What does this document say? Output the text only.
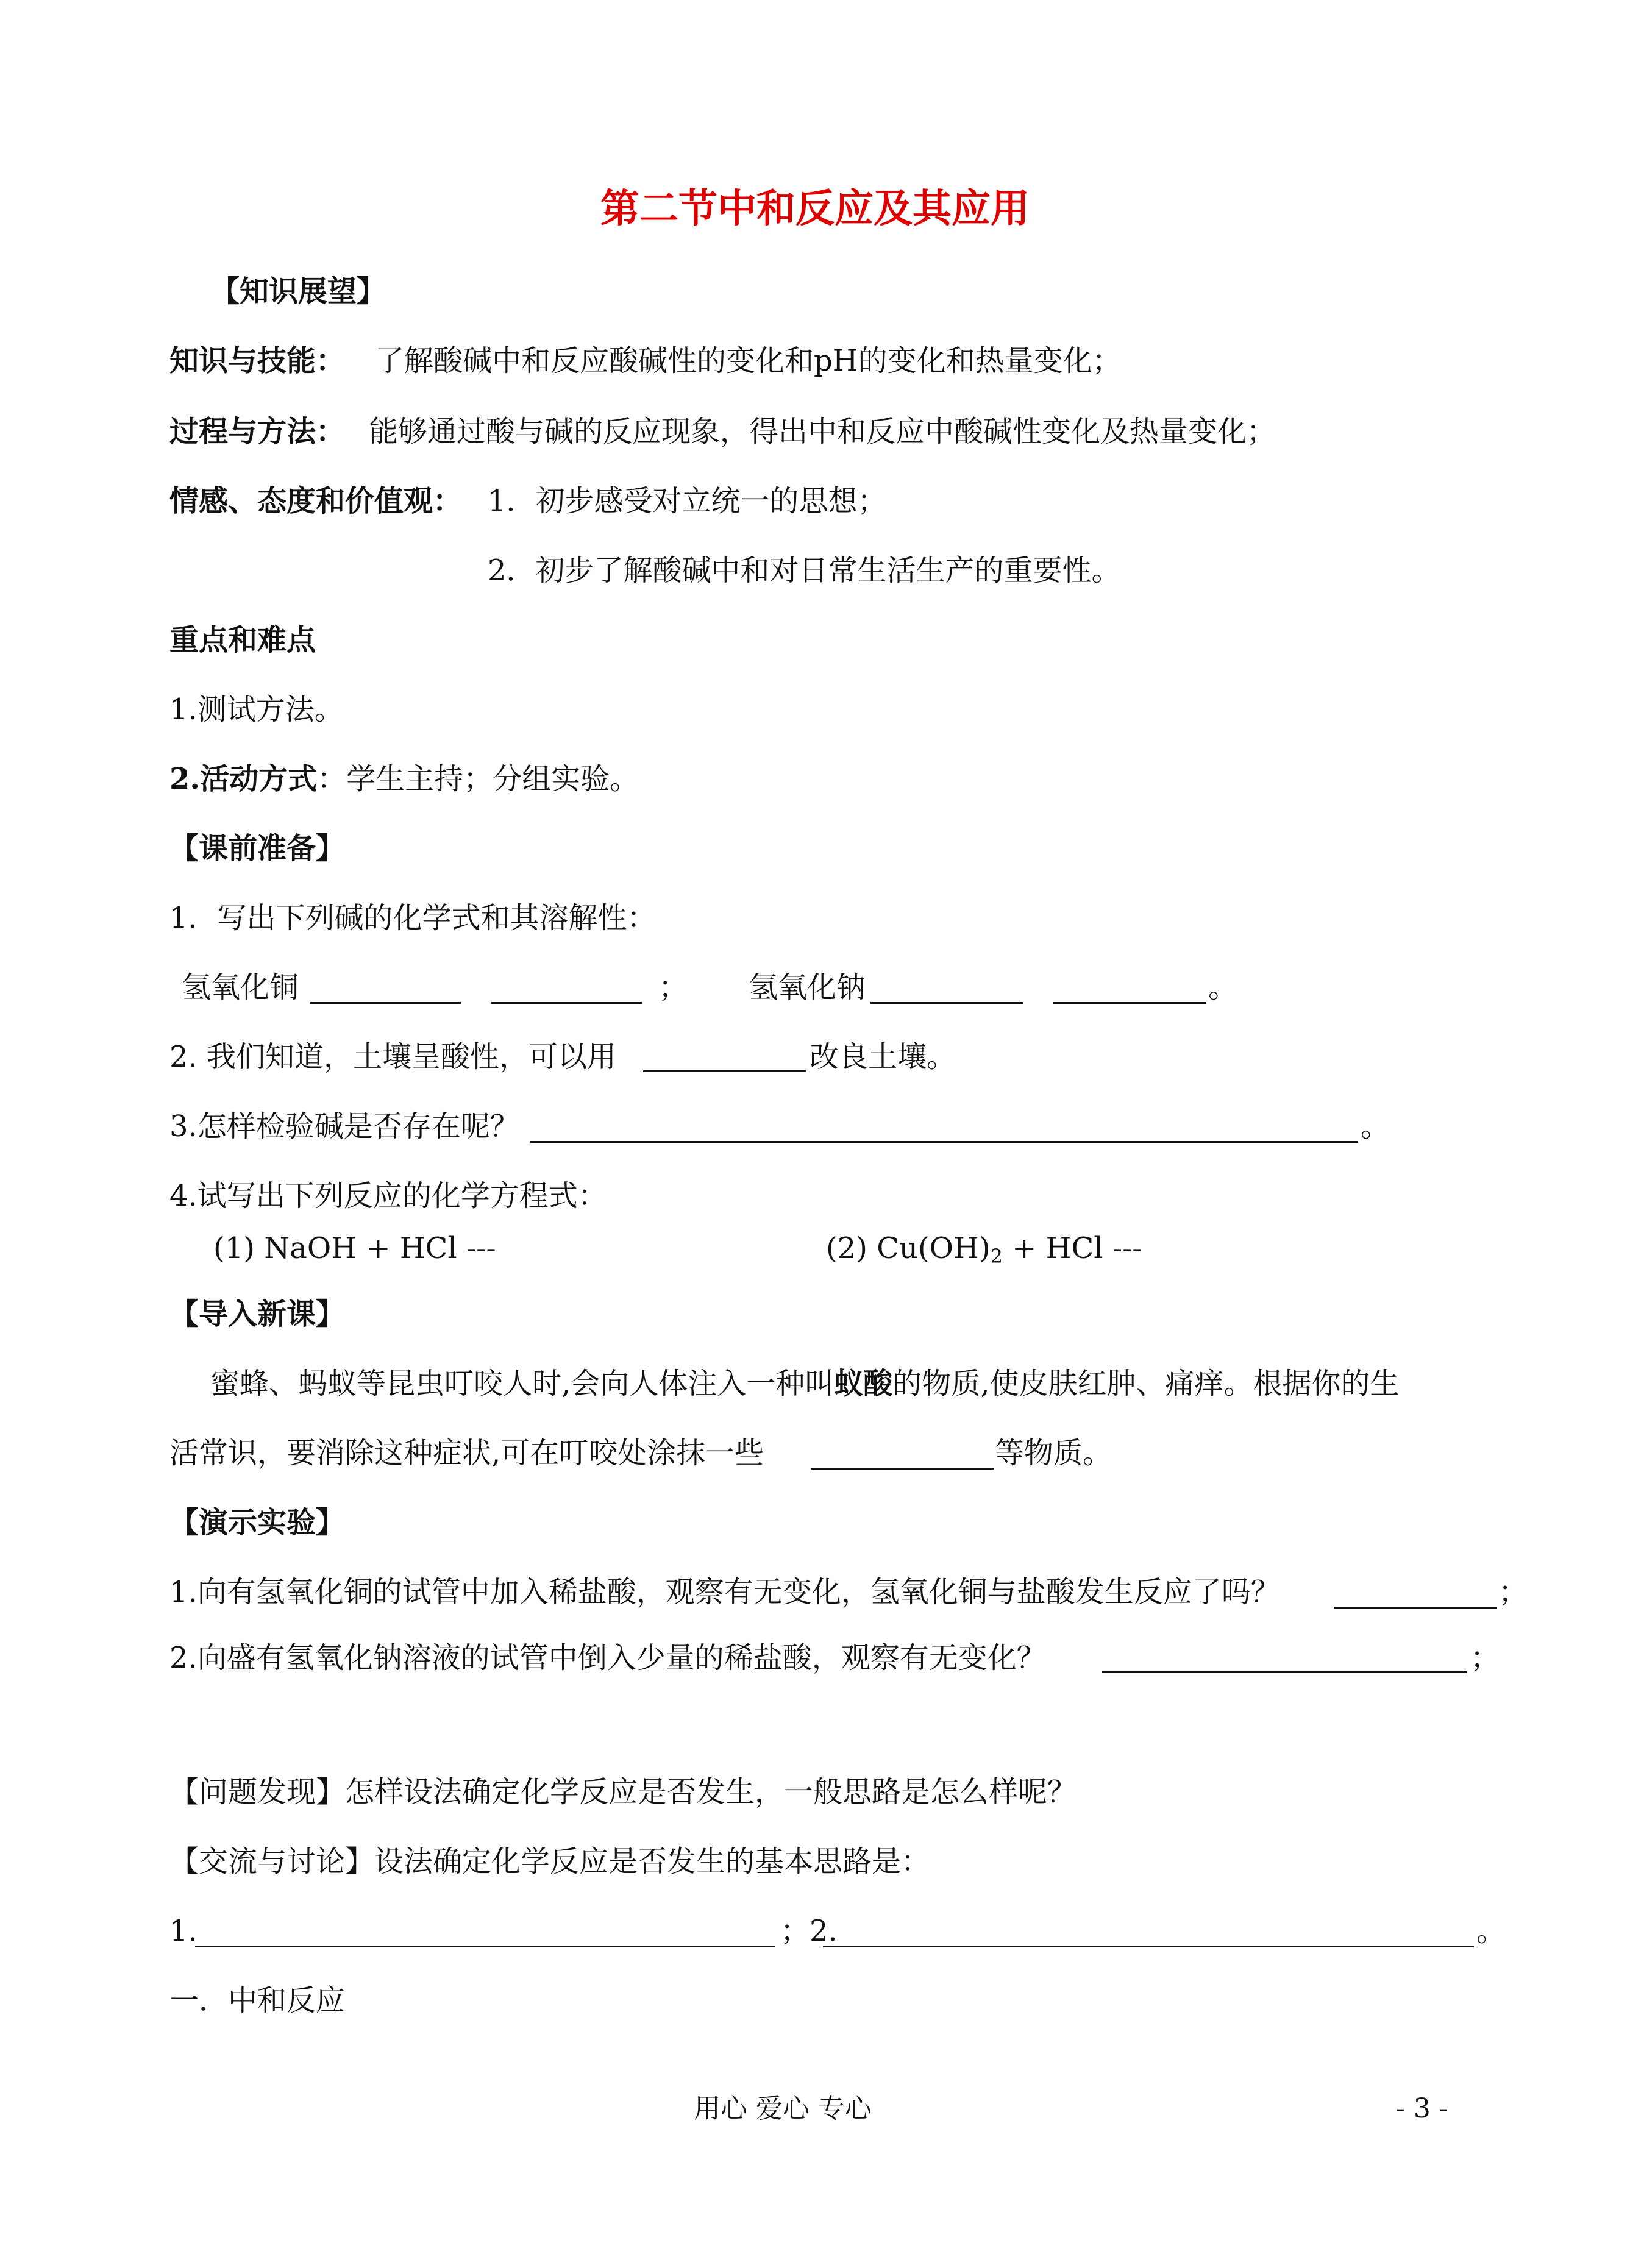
第二节中和反应及其应用
【知识展望】
知识与技能： 了解酸碱中和反应酸碱性的变化和pH的变化和热量变化；
过程与方法： 能够通过酸与碱的反应现象，得出中和反应中酸碱性变化及热量变化；
情感、态度和价值观： 1．初步感受对立统一的思想；
2．初步了解酸碱中和对日常生活生产的重要性。
重点和难点
1.测试方法。
2.活动方式：学生主持；分组实验。
【课前准备】
1．写出下列碱的化学式和其溶解性：
氢氧化铜	； 氢氧化钠	。
2. 我们知道，土壤呈酸性，可以用	改良土壤。
3.怎样检验碱是否存在呢？	。
4.试写出下列反应的化学方程式：
(1) NaOH + HCl ---	(2) $Cu(OH)_2$ + HCl ---
【导入新课】
蜜蜂、蚂蚁等昆虫叮咬人时,会向人体注入一种叫蚁酸的物质,使皮肤红肿、痛痒。根据你的生
活常识，要消除这种症状,可在叮咬处涂抹一些	等物质。
【演示实验】
1.向有氢氧化铜的试管中加入稀盐酸，观察有无变化，氢氧化铜与盐酸发生反应了吗？	；
2.向盛有氢氧化钠溶液的试管中倒入少量的稀盐酸，观察有无变化？	；
【问题发现】怎样设法确定化学反应是否发生，一般思路是怎么样呢？
【交流与讨论】设法确定化学反应是否发生的基本思路是：
1.	；2.	。
一．中和反应
用心 爱心 专心	- 3 -
